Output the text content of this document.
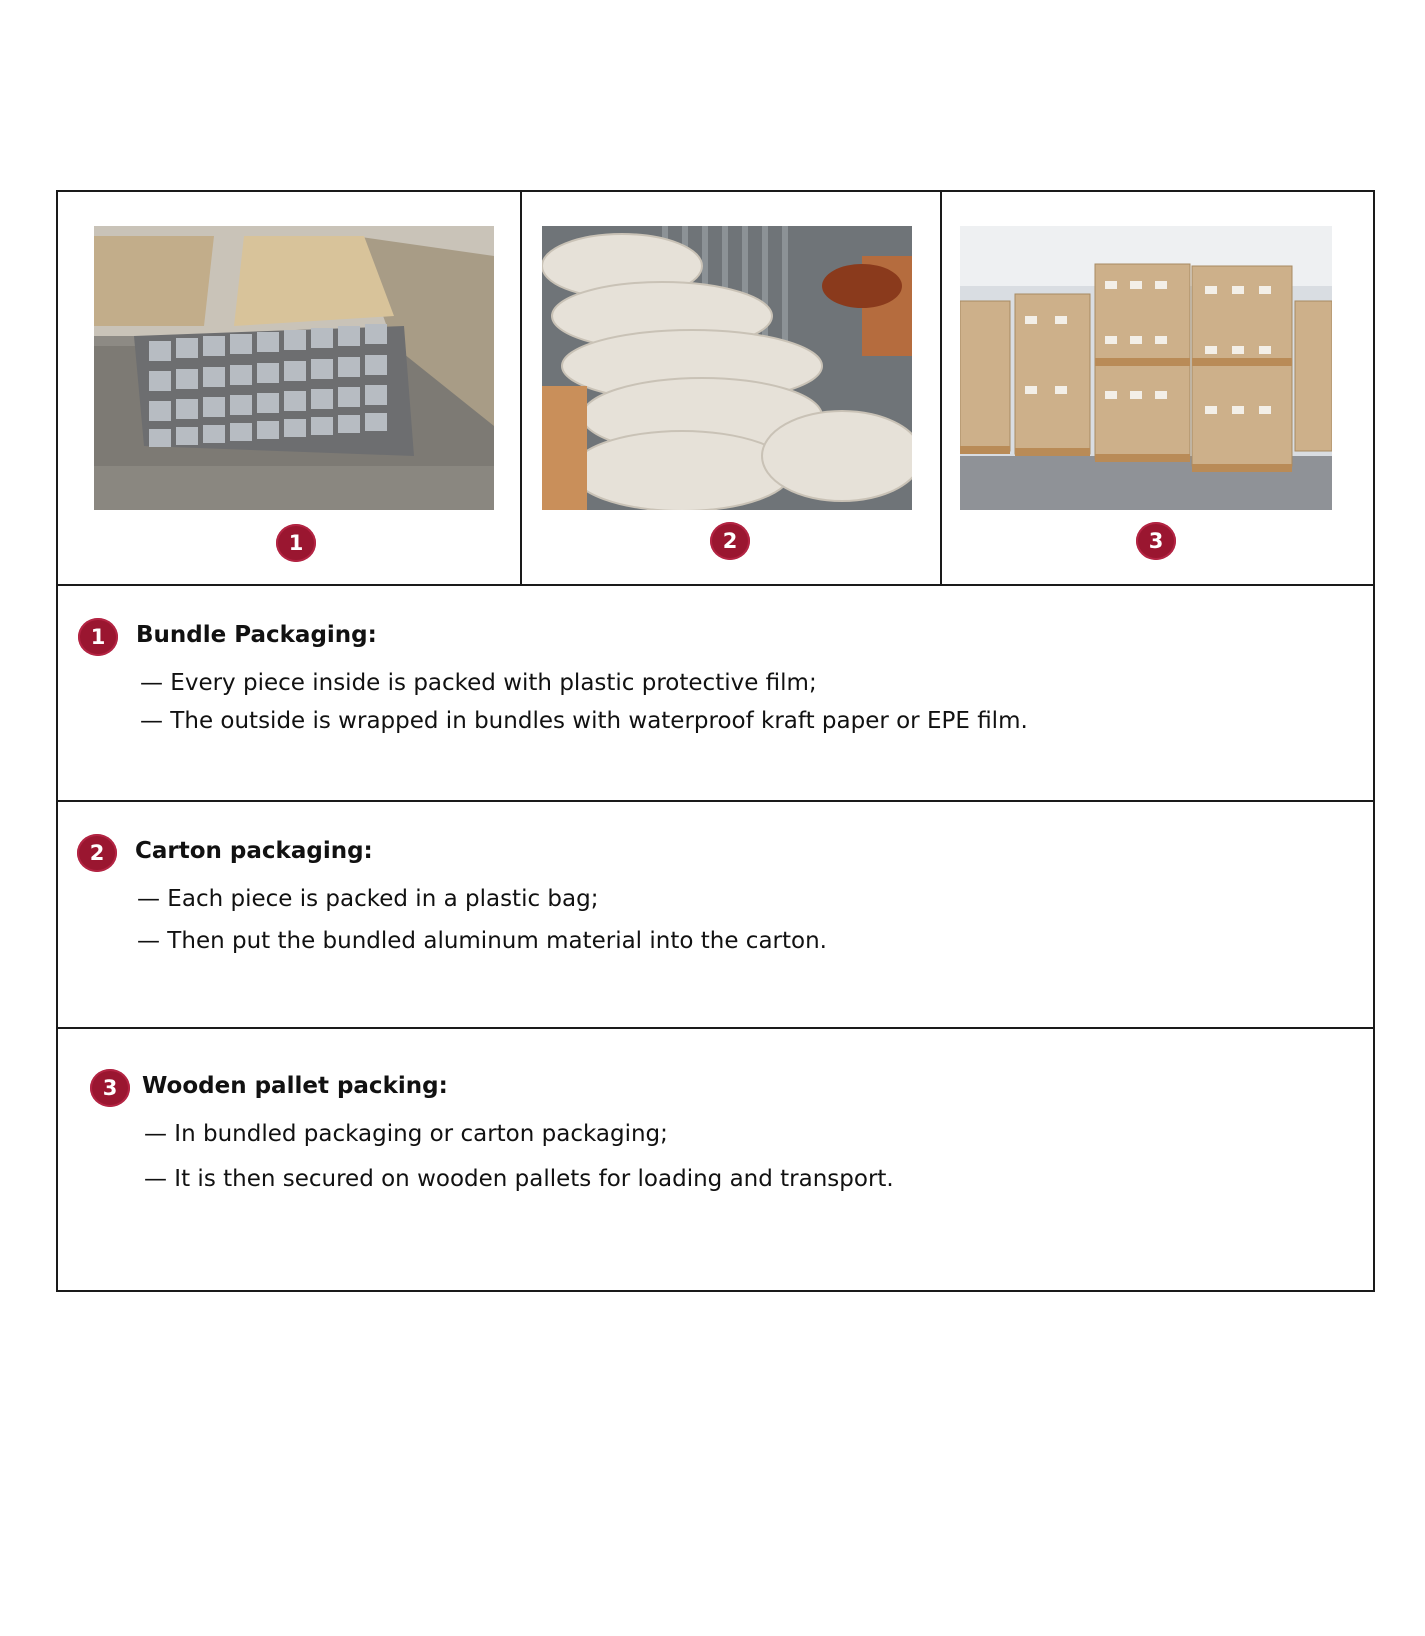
1	2	3
1	Bundle Packaging:
— Every piece inside is packed with plastic protective film;
— The outside is wrapped in bundles with waterproof kraft paper or EPE film.
2	Carton packaging:
— Each piece is packed in a plastic bag;
— Then put the bundled aluminum material into the carton.
3	Wooden pallet packing:
— In bundled packaging or carton packaging;
— It is then secured on wooden pallets for loading and transport.
